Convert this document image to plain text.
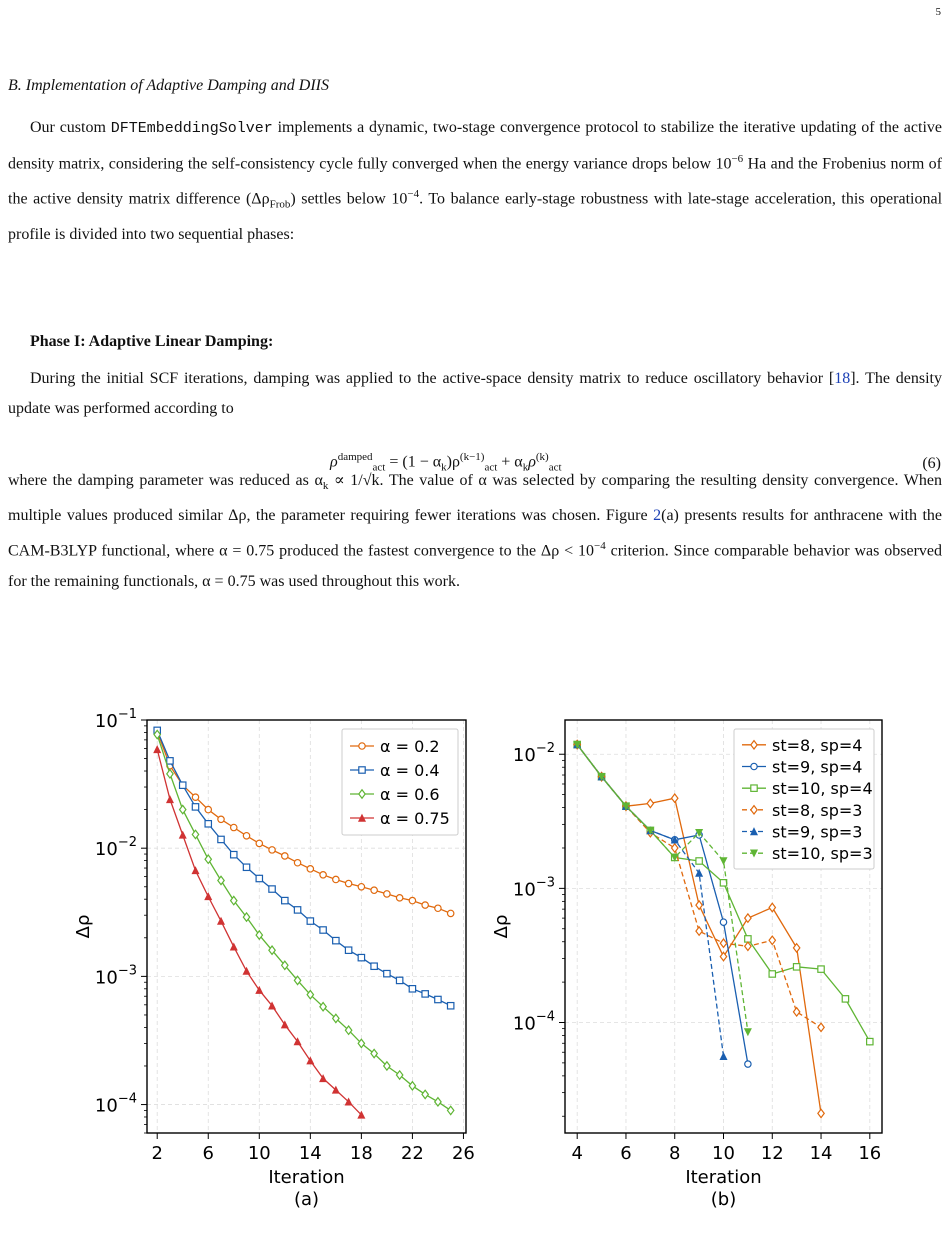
5
B. Implementation of Adaptive Damping and DIIS
Our custom DFTEmbeddingSolver implements a dynamic, two-stage convergence protocol to stabilize the iterative updating of the active density matrix, considering the self-consistency cycle fully converged when the energy variance drops below $10^{-6}$ Ha and the Frobenius norm of the active density matrix difference $(\Delta\rho_{Frob})$ settles below $10^{-4}$. To balance early-stage robustness with late-stage acceleration, this operational profile is divided into two sequential phases:
Phase I: Adaptive Linear Damping:
During the initial SCF iterations, damping was applied to the active-space density matrix to reduce oscillatory behavior [18]. The density update was performed according to
$\rho^{damped}_{act} = (1 - \alpha_k)\rho^{(k-1)}_{act} + \alpha_k\rho^{(k)}_{act}$	(6)
where the damping parameter was reduced as $\alpha_k \propto 1/√k$. The value of α was selected by comparing the resulting density convergence. When multiple values produced similar Δρ, the parameter requiring fewer iterations was chosen. Figure 2(a) presents results for anthracene with the CAM-B3LYP functional, where α = 0.75 produced the fastest convergence to the $\Delta\rho < 10^{-4}$ criterion. Since comparable behavior was observed for the remaining functionals, α = 0.75 was used throughout this work.
2 6 10 14 18 22 26
$10^{-4}$
$10^{-3}$
$10^{-2}$
$10^{-1}$
α = 0.2
α = 0.4
α = 0.6
α = 0.75
Iteration
(a)
Δρ
4 6 8 10 12 14 16
$10^{-4}$
$10^{-3}$
$10^{-2}$	st=8, sp=4
st=9, sp=4
st=10, sp=4
st=8, sp=3
st=9, sp=3
st=10, sp=3
Iteration
(b)
Δρ
